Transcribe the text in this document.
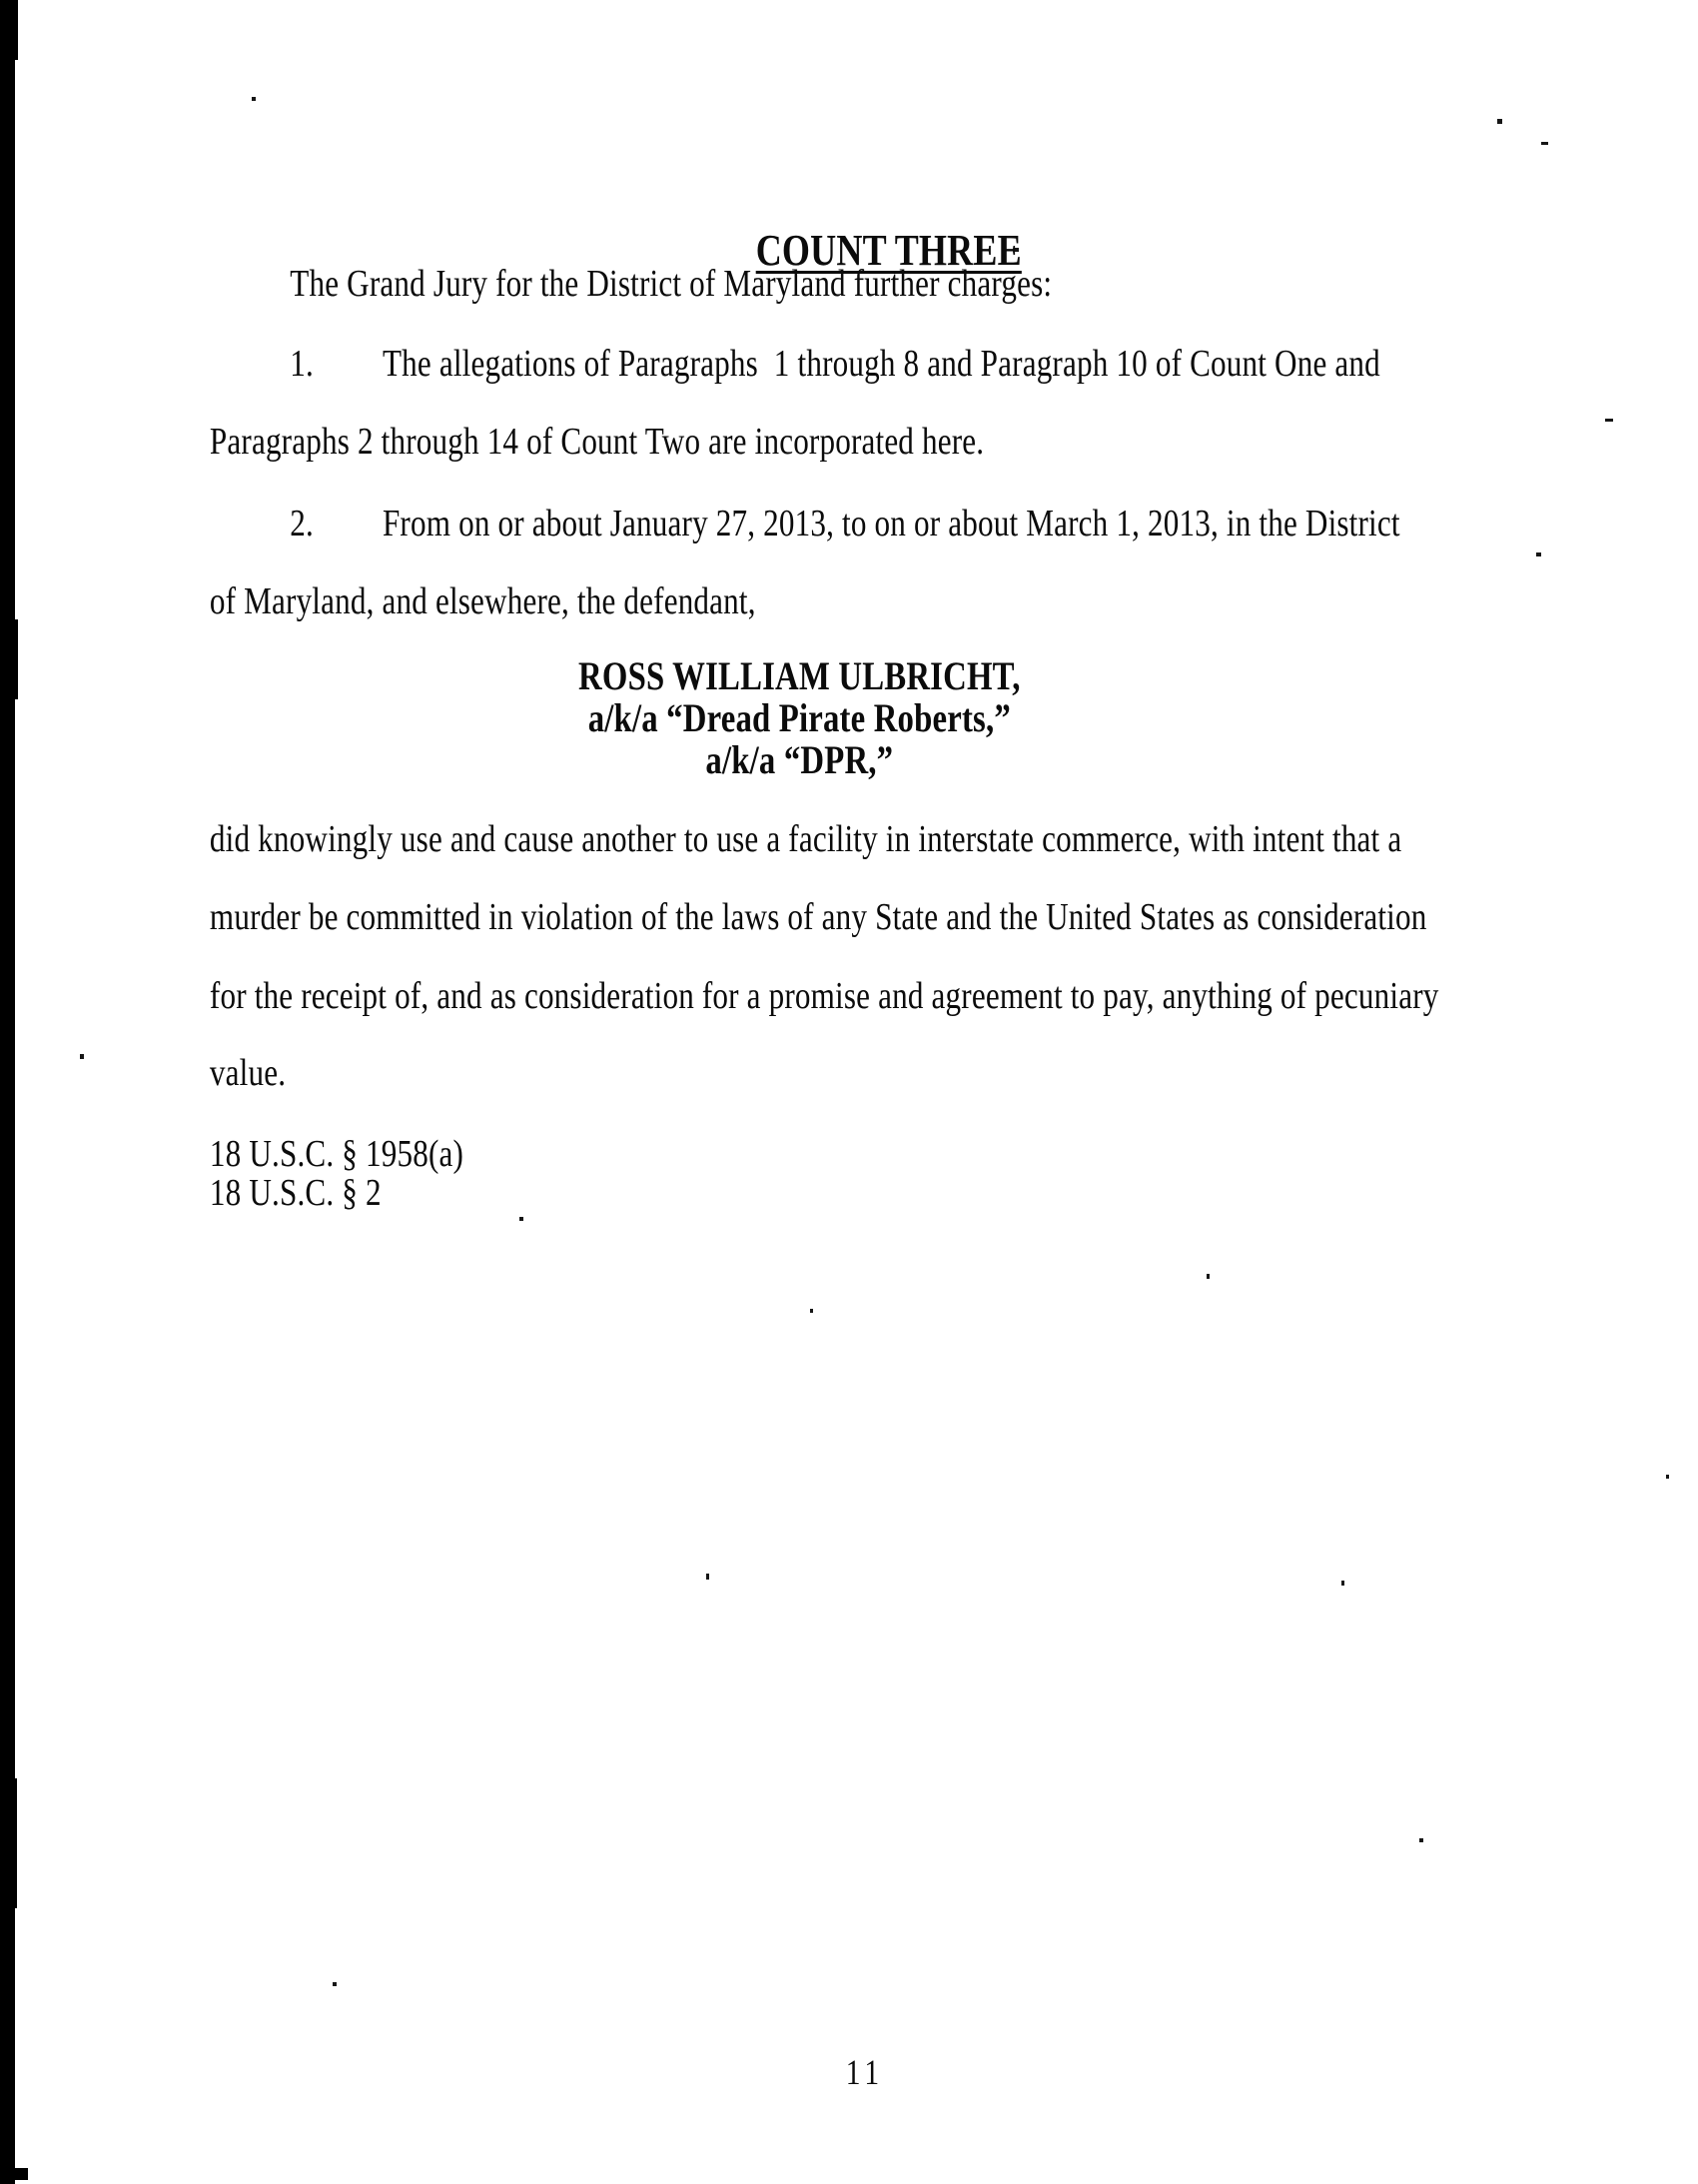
COUNT THREE

The Grand Jury for the District of Maryland further charges:
1. The allegations of Paragraphs  1 through 8 and Paragraph 10 of Count One and
Paragraphs 2 through 14 of Count Two are incorporated here.
2. From on or about January 27, 2013, to on or about March 1, 2013, in the District
of Maryland, and elsewhere, the defendant,
ROSS WILLIAM ULBRICHT,
a/k/a “Dread Pirate Roberts,”
a/k/a “DPR,”
did knowingly use and cause another to use a facility in interstate commerce, with intent that a
murder be committed in violation of the laws of any State and the United States as consideration
for the receipt of, and as consideration for a promise and agreement to pay, anything of pecuniary
value.
18 U.S.C. § 1958(a)
18 U.S.C. § 2
11
